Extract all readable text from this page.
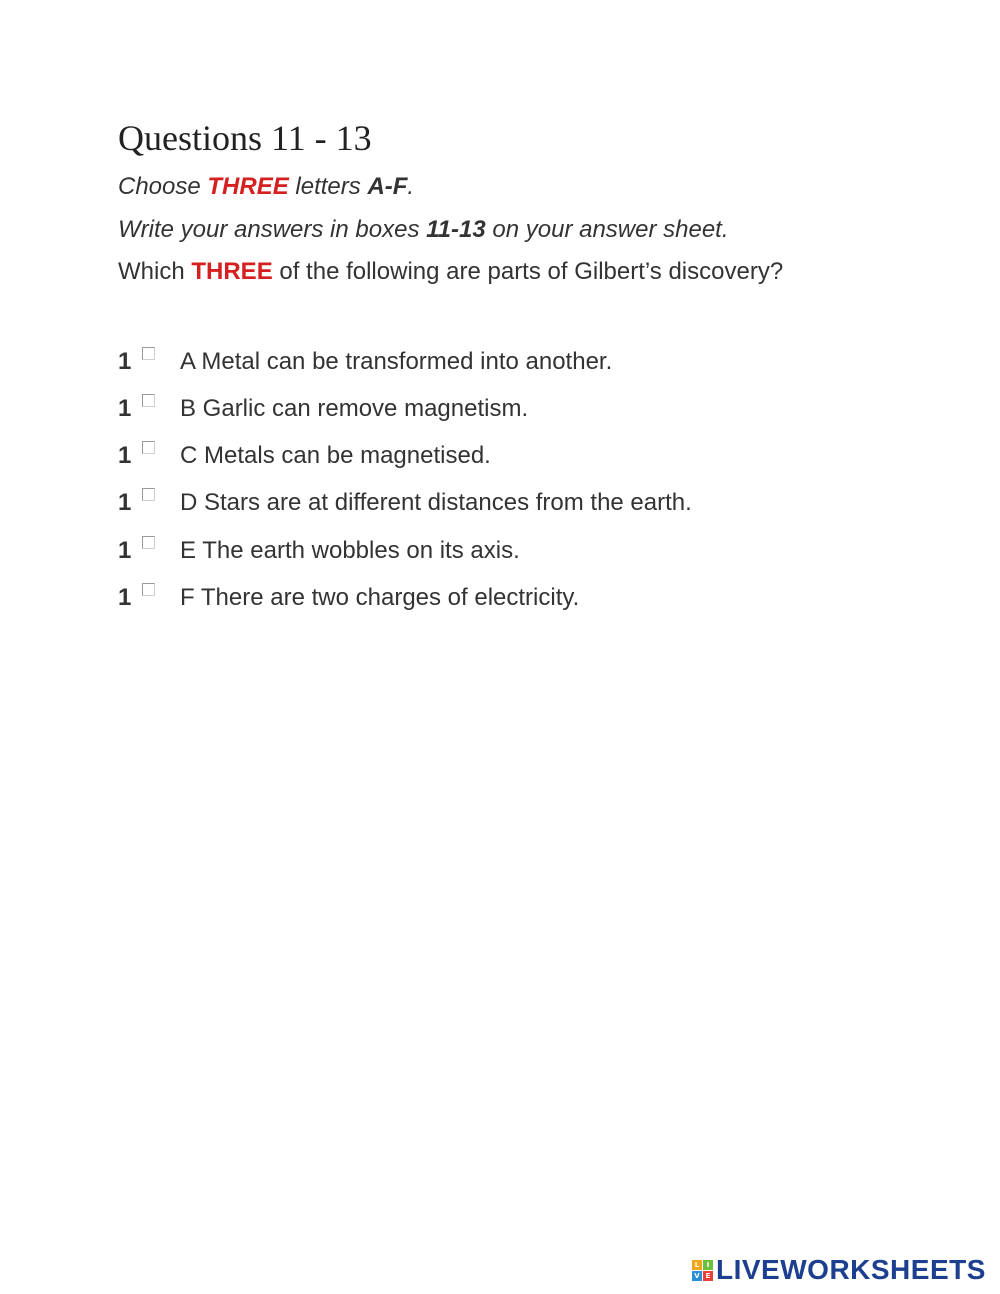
Questions 11 - 13
Choose THREE letters A-F.
Write your answers in boxes 11-13 on your answer sheet.
Which THREE of the following are parts of Gilbert’s discovery?
1 A Metal can be transformed into another.
1 B Garlic can remove magnetism.
1 C Metals can be magnetised.
1 D Stars are at different distances from the earth.
1 E The earth wobbles on its axis.
1 F There are two charges of electricity.
L	I
V E LIVEWORKSHEETS
